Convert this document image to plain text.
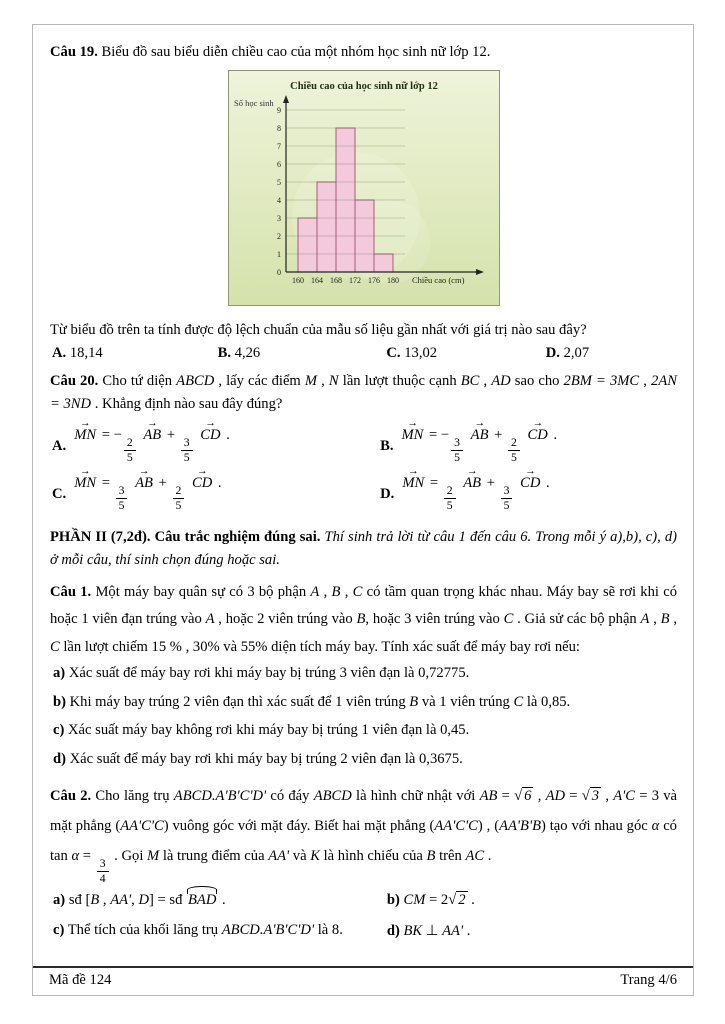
Câu 19. Biểu đồ sau biểu diễn chiều cao của một nhóm học sinh nữ lớp 12.

Chiều cao của học sinh nữ lớp 12
Số học sinh
0
1
2
3
4
5
6
7
8
9
160 164 168 172 176 180 Chiều cao (cm)

Từ biểu đồ trên ta tính được độ lệch chuẩn của mẫu số liệu gần nhất với giá trị nào sau đây?

A. 18,14	B. 4,26	C. 13,02	D. 2,07

Câu 20. Cho tứ diện ABCD , lấy các điểm M , N lần lượt thuộc cạnh BC , AD sao cho 2BM = 3MC , 2AN = 3ND . Khẳng định nào sau đây đúng?

A.
MN → = −
$\frac{2}{5}$
AB → +
$\frac{3}{5}$
CD → .
B.
MN → = −
$\frac{3}{5}$
AB → +
$\frac{2}{5}$
CD → .
C.
MN → =
$\frac{3}{5}$
AB → +
$\frac{2}{5}$
CD → .
D.
MN → =
$\frac{2}{5}$
AB → +
$\frac{3}{5}$
CD → .

PHẦN II (7,2đ). Câu trắc nghiệm đúng sai. Thí sinh trả lời từ câu 1 đến câu 6. Trong mỗi ý a),b), c), d) ở mỗi câu, thí sinh chọn đúng hoặc sai.

Câu 1. Một máy bay quân sự có 3 bộ phận A , B , C có tầm quan trọng khác nhau. Máy bay sẽ rơi khi có hoặc 1 viên đạn trúng vào A , hoặc 2 viên trúng vào B, hoặc 3 viên trúng vào C . Giả sử các bộ phận A , B , C lần lượt chiếm 15 % , 30% và 55% diện tích máy bay. Tính xác suất để máy bay rơi nếu:

a) Xác suất để máy bay rơi khi máy bay bị trúng 3 viên đạn là 0,72775.

b) Khi máy bay trúng 2 viên đạn thì xác suất để 1 viên trúng B và 1 viên trúng C là 0,85.

c) Xác suất máy bay không rơi khi máy bay bị trúng 1 viên đạn là 0,45.

d) Xác suất để máy bay rơi khi máy bay bị trúng 2 viên đạn là 0,3675.

Câu 2. Cho lăng trụ ABCD.A'B'C'D' có đáy ABCD là hình chữ nhật với AB = √ 6 , AD = √ 3 , A'C = 3 và mặt phẳng (AA'C'C) vuông góc với mặt đáy. Biết hai mặt phẳng (AA'C'C) , (AA'B'B) tạo với nhau góc α có tan α =
$\frac{3}{4}$
. Gọi M là trung điểm của AA' và K là hình chiếu của B trên AC .

a) sđ [B , AA', D] = sđ BAD .	b) CM = 2√ 2 .
c) Thể tích của khối lăng trụ ABCD.A'B'C'D' là 8.	d) BK ⊥ AA' .
Mã đề 124	Trang 4/6
